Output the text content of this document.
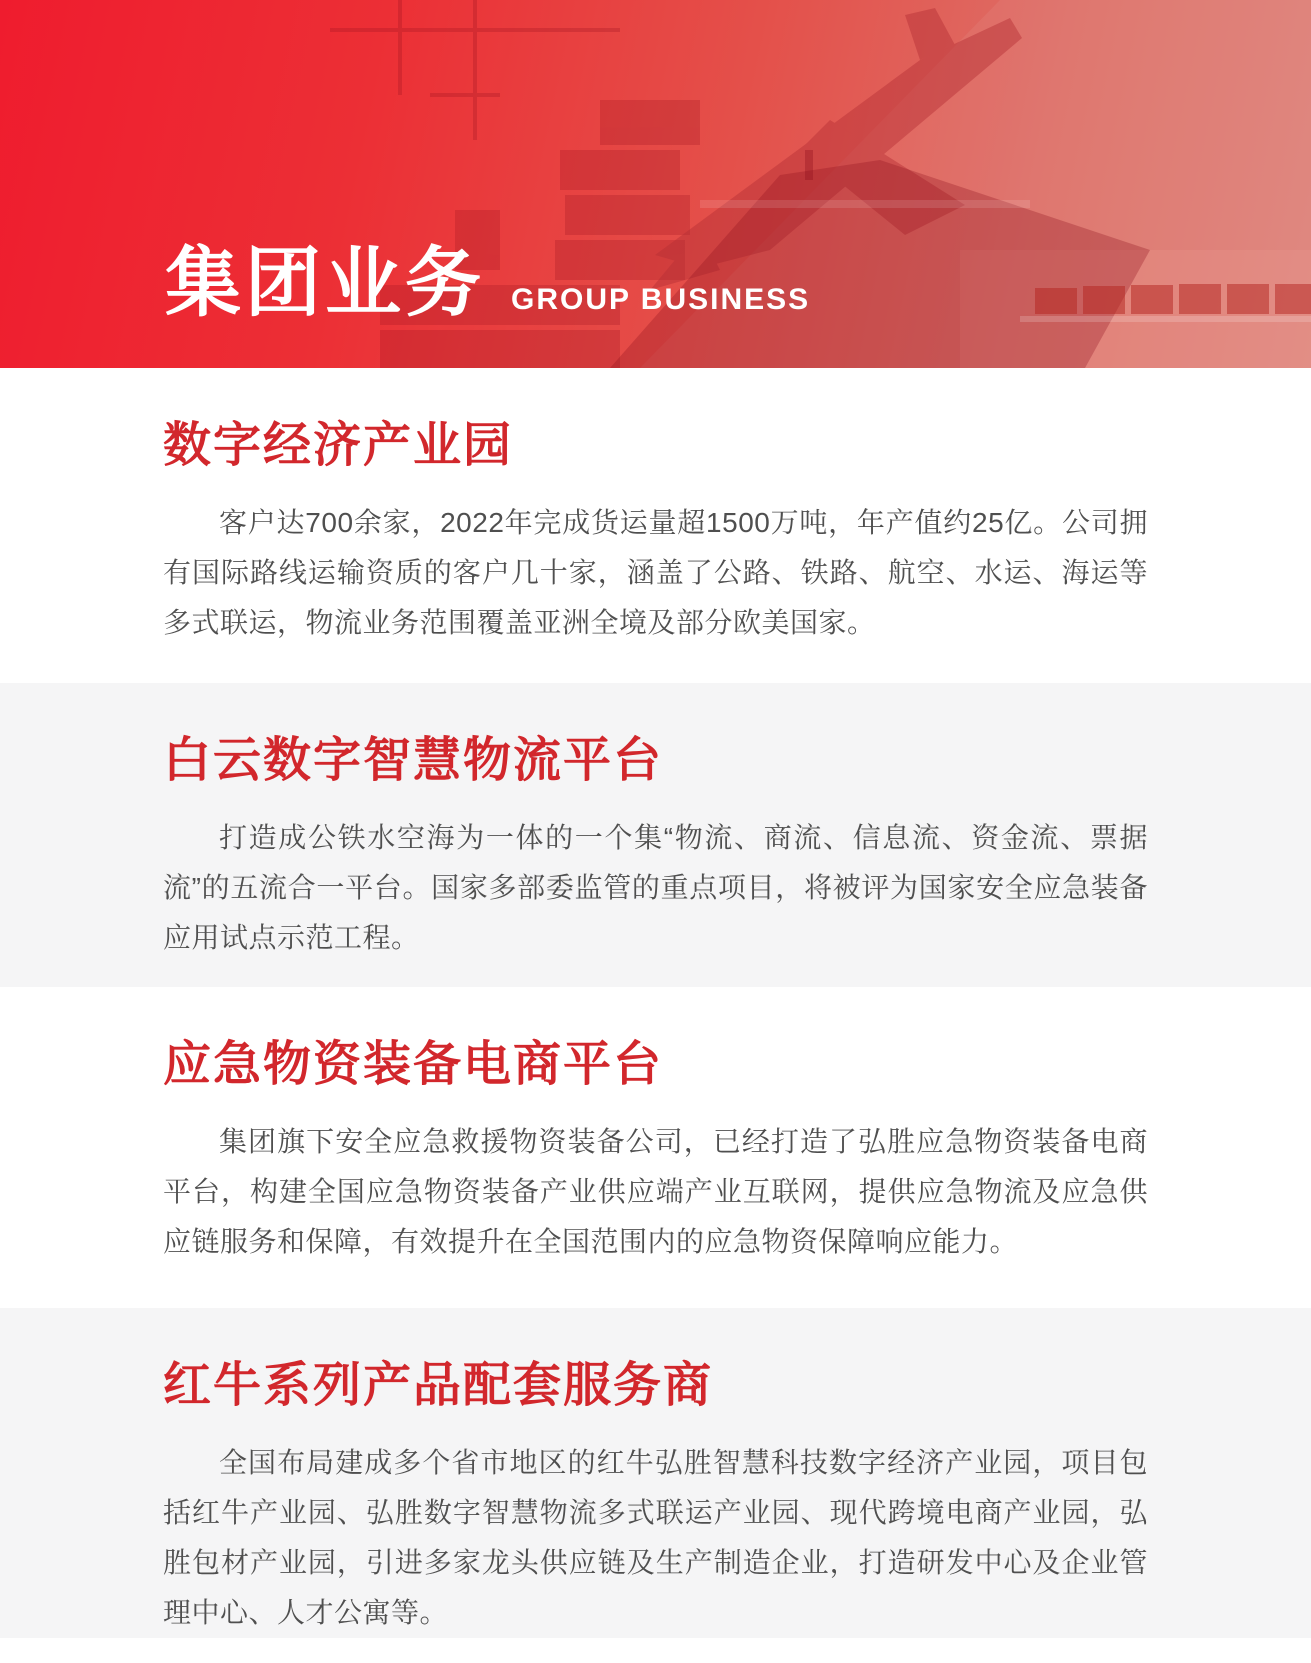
集团业务 GROUP BUSINESS
数字经济产业园

客户达700余家，2022年完成货运量超1500万吨，年产值约25亿。公司拥有国际路线运输资质的客户几十家，涵盖了公路、铁路、航空、水运、海运等多式联运，物流业务范围覆盖亚洲全境及部分欧美国家。

白云数字智慧物流平台

打造成公铁水空海为一体的一个集“物流、商流、信息流、资金流、票据流”的五流合一平台。国家多部委监管的重点项目，将被评为国家安全应急装备应用试点示范工程。

应急物资装备电商平台

集团旗下安全应急救援物资装备公司，已经打造了弘胜应急物资装备电商平台，构建全国应急物资装备产业供应端产业互联网，提供应急物流及应急供应链服务和保障，有效提升在全国范围内的应急物资保障响应能力。

红牛系列产品配套服务商

全国布局建成多个省市地区的红牛弘胜智慧科技数字经济产业园，项目包括红牛产业园、弘胜数字智慧物流多式联运产业园、现代跨境电商产业园，弘胜包材产业园，引进多家龙头供应链及生产制造企业，打造研发中心及企业管理中心、人才公寓等。
